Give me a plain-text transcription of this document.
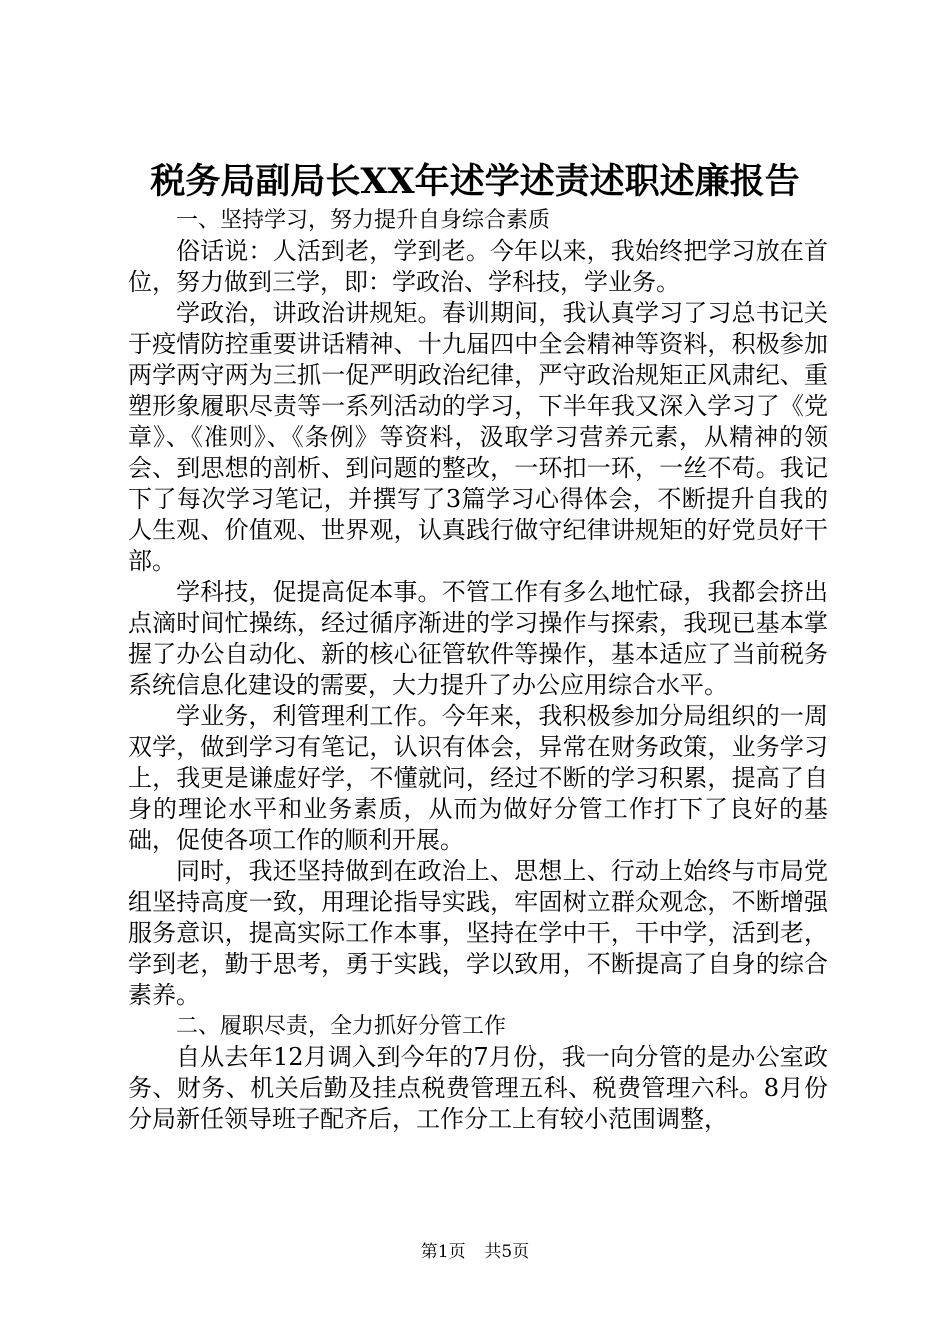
税务局副局长XX年述学述责述职述廉报告

一、坚持学习，努力提升自身综合素质

俗话说：人活到老，学到老。今年以来，我始终把学习放在首位，努力做到三学，即：学政治、学科技，学业务。

学政治，讲政治讲规矩。春训期间，我认真学习了习总书记关于疫情防控重要讲话精神、十九届四中全会精神等资料，积极参加两学两守两为三抓一促严明政治纪律，严守政治规矩正风肃纪、重塑形象履职尽责等一系列活动的学习，下半年我又深入学习了《党章》、《准则》、《条例》等资料，汲取学习营养元素，从精神的领会、到思想的剖析、到问题的整改，一环扣一环，一丝不苟。我记下了每次学习笔记，并撰写了3篇学习心得体会，不断提升自我的人生观、价值观、世界观，认真践行做守纪律讲规矩的好党员好干部。

学科技，促提高促本事。不管工作有多么地忙碌，我都会挤出点滴时间忙操练，经过循序渐进的学习操作与探索，我现已基本掌握了办公自动化、新的核心征管软件等操作，基本适应了当前税务系统信息化建设的需要，大力提升了办公应用综合水平。

学业务，利管理利工作。今年来，我积极参加分局组织的一周双学，做到学习有笔记，认识有体会，异常在财务政策，业务学习上，我更是谦虚好学，不懂就问，经过不断的学习积累，提高了自身的理论水平和业务素质，从而为做好分管工作打下了良好的基础，促使各项工作的顺利开展。

同时，我还坚持做到在政治上、思想上、行动上始终与市局党组坚持高度一致，用理论指导实践，牢固树立群众观念，不断增强服务意识，提高实际工作本事，坚持在学中干，干中学，活到老，学到老，勤于思考，勇于实践，学以致用，不断提高了自身的综合素养。

二、履职尽责，全力抓好分管工作

自从去年12月调入到今年的7月份，我一向分管的是办公室政务、财务、机关后勤及挂点税费管理五科、税费管理六科。8月份分局新任领导班子配齐后，工作分工上有较小范围调整，

第1页 共5页
